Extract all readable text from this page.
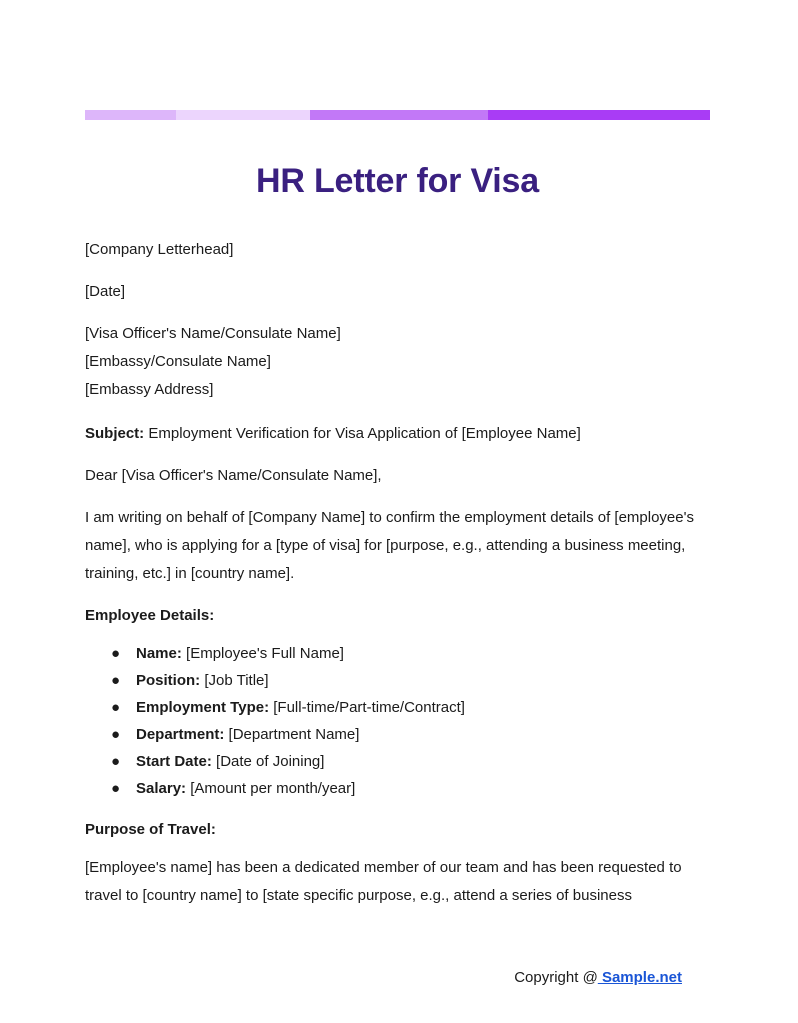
HR Letter for Visa

[Company Letterhead]

[Date]

[Visa Officer's Name/Consulate Name]
[Embassy/Consulate Name]
[Embassy Address]

Subject: Employment Verification for Visa Application of [Employee Name]

Dear [Visa Officer's Name/Consulate Name],

I am writing on behalf of [Company Name] to confirm the employment details of [employee's name], who is applying for a [type of visa] for [purpose, e.g., attending a business meeting, training, etc.] in [country name].

Employee Details:

● Name: [Employee's Full Name]
● Position: [Job Title]
● Employment Type: [Full-time/Part-time/Contract]
● Department: [Department Name]
● Start Date: [Date of Joining]
● Salary: [Amount per month/year]

Purpose of Travel:

[Employee's name] has been a dedicated member of our team and has been requested to travel to [country name] to [state specific purpose, e.g., attend a series of business

Copyright @ Sample.net
